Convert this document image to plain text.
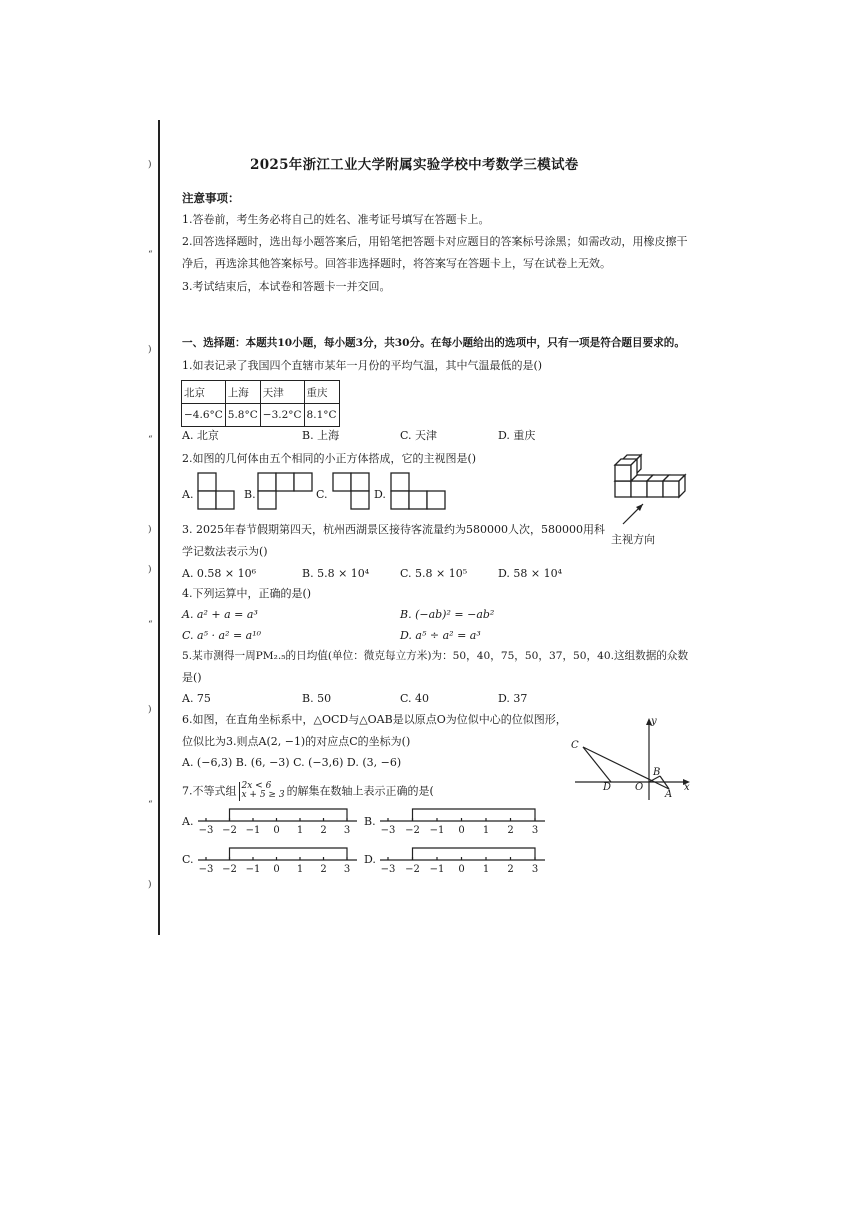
)
“
)
“
)
)
“
)
“
)
2025年浙江工业大学附属实验学校中考数学三模试卷
注意事项：
1.答卷前，考生务必将自己的姓名、准考证号填写在答题卡上。
2.回答选择题时，选出每小题答案后，用铅笔把答题卡对应题目的答案标号涂黑；如需改动，用橡皮擦干
净后，再选涂其他答案标号。回答非选择题时，将答案写在答题卡上，写在试卷上无效。
3.考试结束后，本试卷和答题卡一并交回。
一、选择题：本题共10小题，每小题3分，共30分。在每小题给出的选项中，只有一项是符合题目要求的。
1.如表记录了我国四个直辖市某年一月份的平均气温，其中气温最低的是()
北京	上海	天津	重庆
−4.6°C	5.8°C	−3.2°C	8.1°C
A. 北京	B. 上海	C. 天津	D. 重庆
2.如图的几何体由五个相同的小正方体搭成，它的主视图是()
A.	B.	C.	D.
主视方向
3. 2025年春节假期第四天，杭州西湖景区接待客流量约为580000人次，580000用科
学记数法表示为()
A. 0.58 × 10⁶	B. 5.8 × 10⁴	C. 5.8 × 10⁵	D. 58 × 10⁴
4.下列运算中，正确的是()
A. a² + a = a³	B. (−ab)² = −ab²
C. a⁵ · a² = a¹⁰	D. a⁵ ÷ a² = a³
5.某市测得一周PM₂.₅的日均值(单位：微克每立方米)为：50，40，75，50，37，50，40.这组数据的众数
是()
A. 75	B. 50	C. 40	D. 37
6.如图，在直角坐标系中，△OCD与△OAB是以原点O为位似中心的位似图形，
位似比为3.则点A(2, −1)的对应点C的坐标为()
A. (−6,3) B. (6, −3) C. (−3,6) D. (3, −6)
y
x
C
D O
B
A
7.不等式组 2x < 6
x + 5 ≥ 3 的解集在数轴上表示正确的是(
A.
−3 −2 −1 0 1 2 3
B.
−3 −2 −1 0 1 2 3
C.
−3 −2 −1 0 1 2 3
D.
−3 −2 −1 0 1 2 3
